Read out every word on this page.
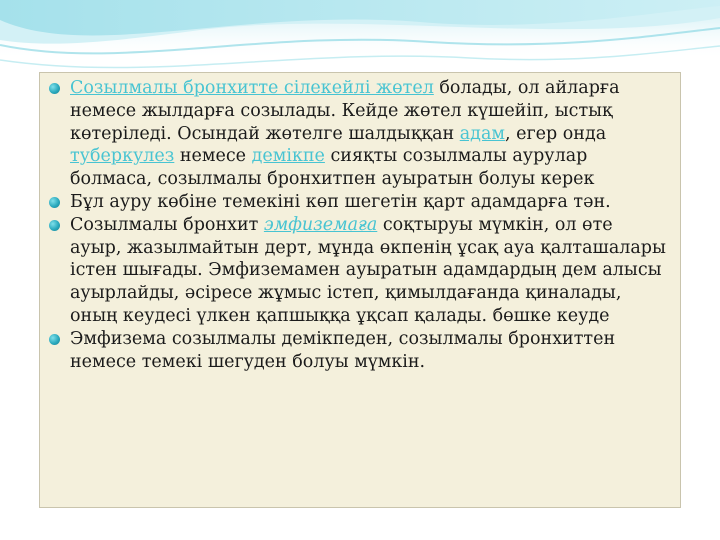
Созылмалы бронхитте сілекейлі жөтел болады, ол айларға немесе жылдарға созылады. Кейде жөтел күшейіп, ыстық көтеріледі. Осындай жөтелге шалдыққан адам, егер онда туберкулез немесе демікпе сияқты созылмалы аурулар болмаса, созылмалы бронхитпен ауыратын болуы керек
Бұл ауру көбіне темекіні көп шегетін қарт адамдарға тән.
Созылмалы бронхит эмфиземаға соқтыруы мүмкін, ол өте ауыр, жазылмайтын дерт, мұнда өкпенің ұсақ ауа қалташалары істен шығады. Эмфиземамен ауыратын адамдардың дем алысы ауырлайды, әсіресе жұмыс істеп, қимылдағанда қиналады, оның кеудесі үлкен қапшыққа ұқсап қалады. бөшке кеуде
Эмфизема созылмалы демікпеден, созылмалы бронхиттен немесе темекі шегуден болуы мүмкін.
